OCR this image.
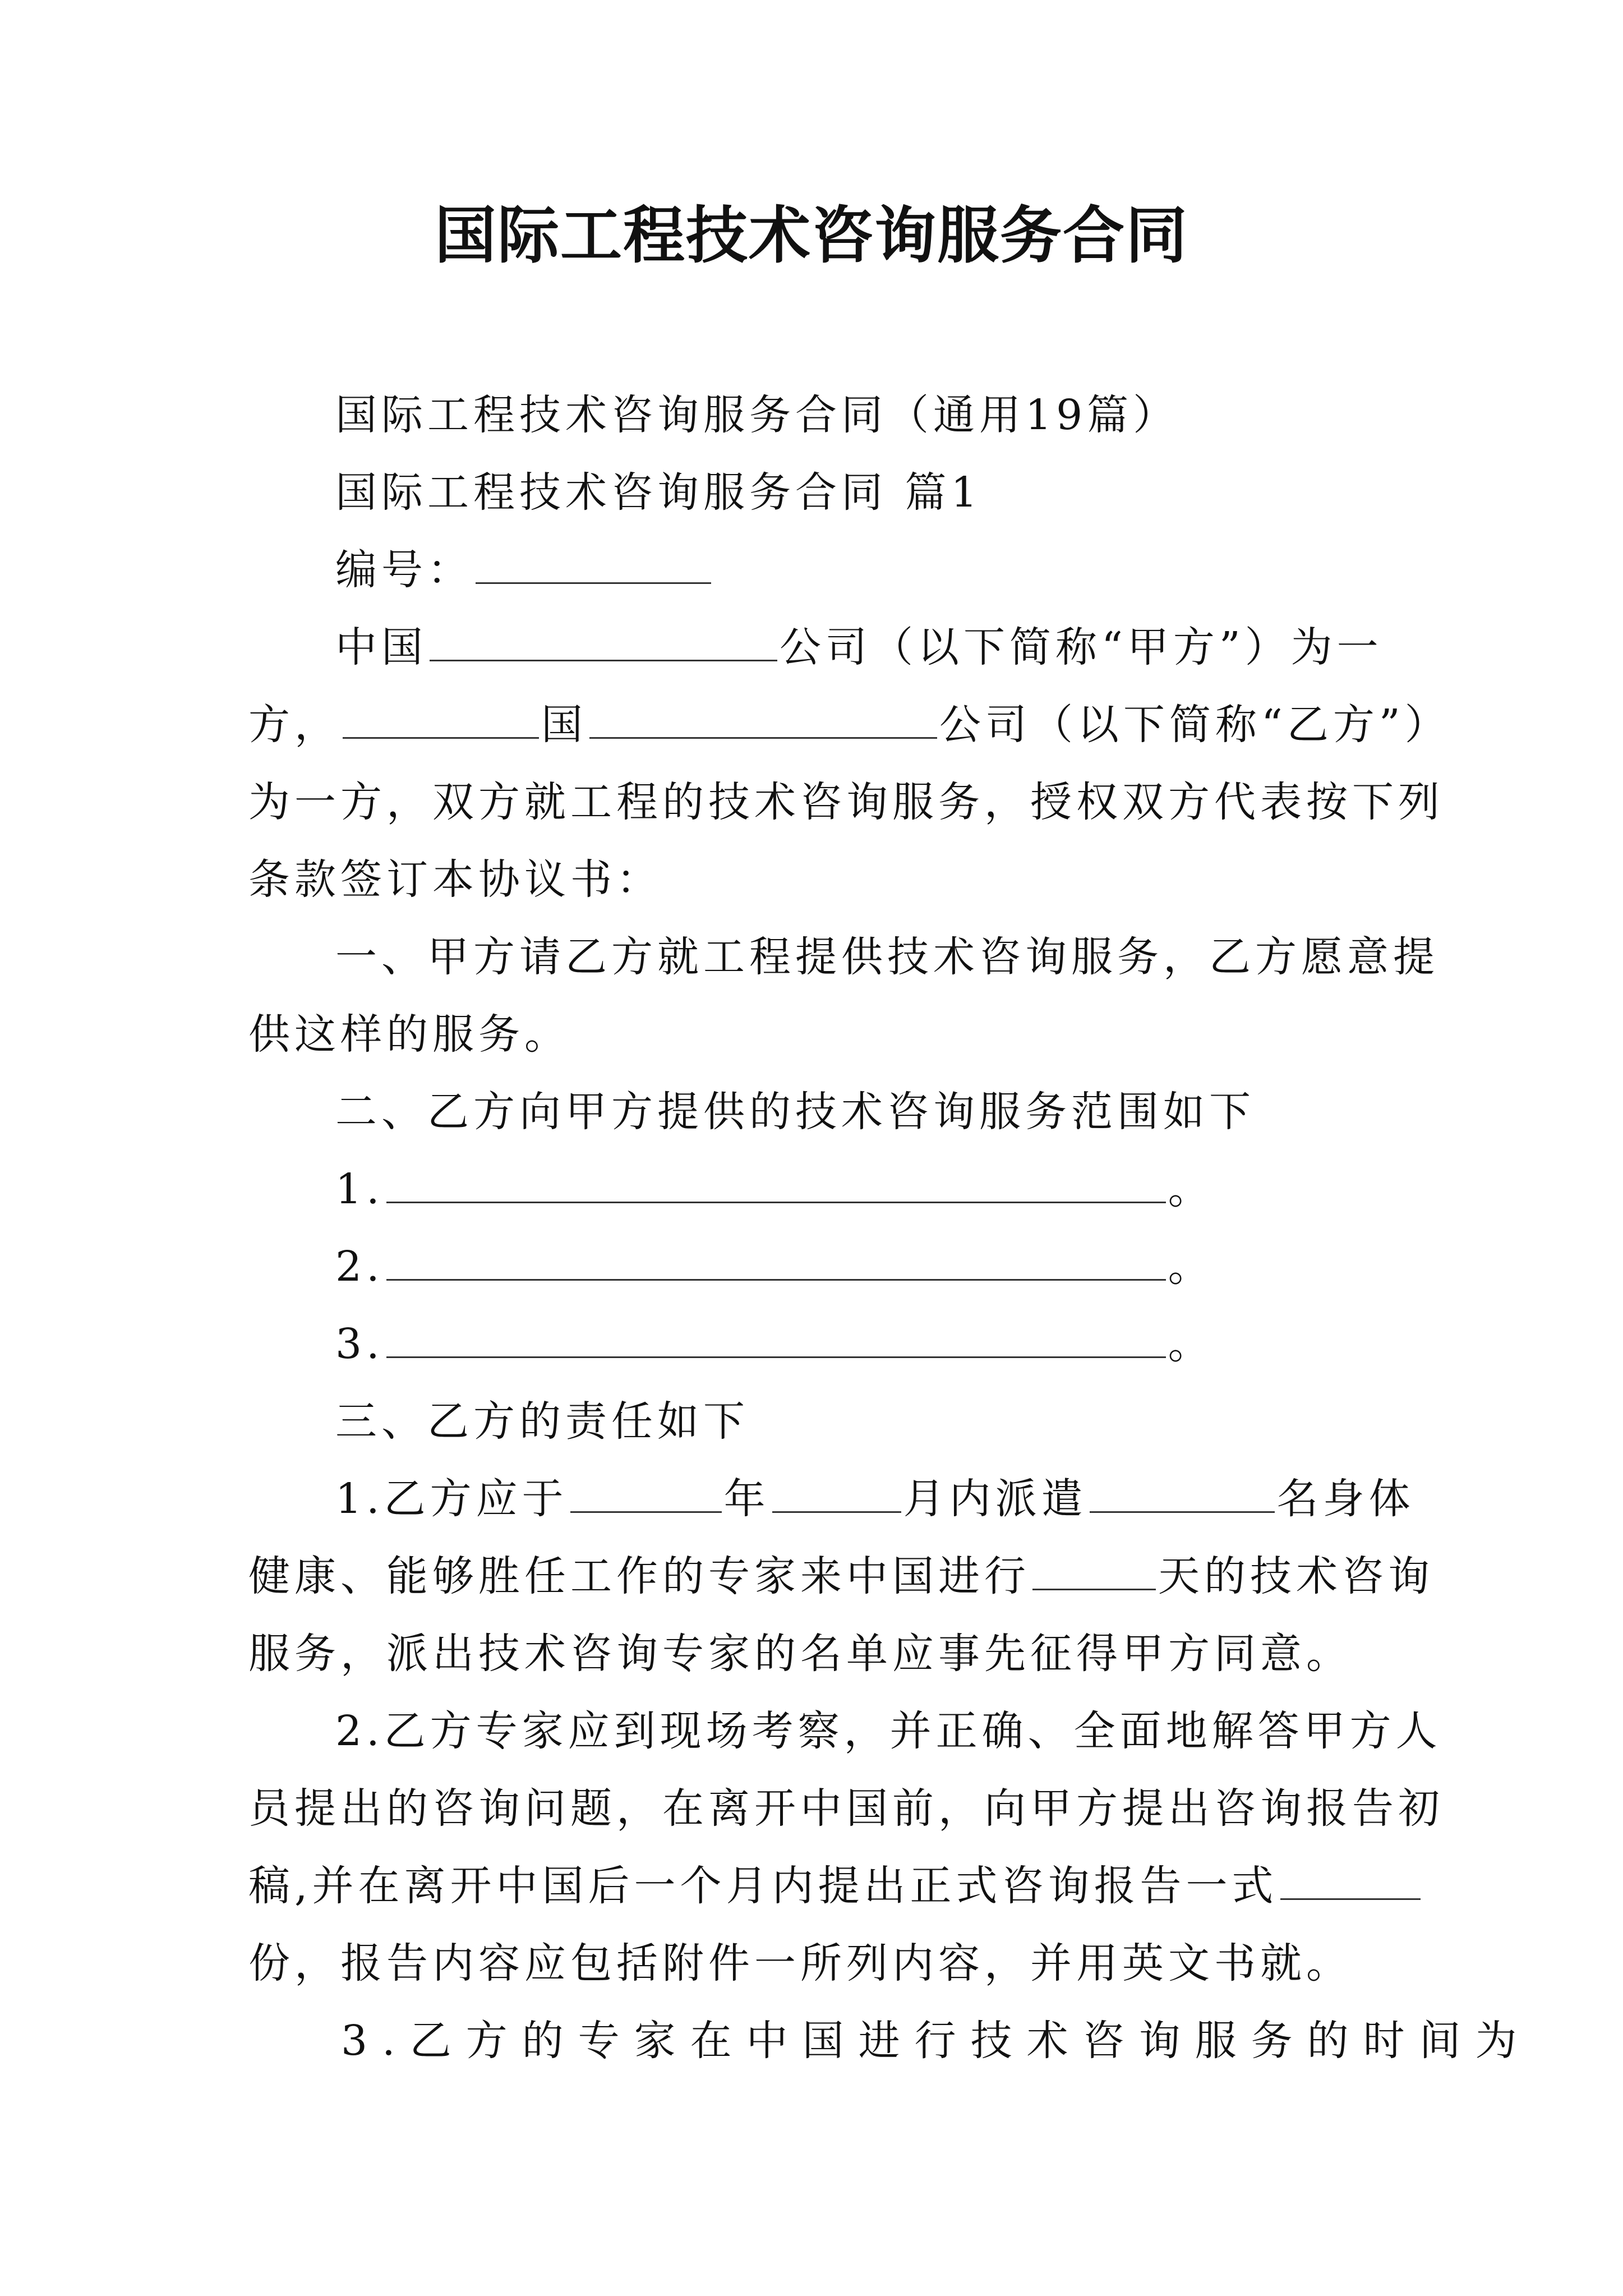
国际工程技术咨询服务合同
国际工程技术咨询服务合同（通用19篇）
国际工程技术咨询服务合同 篇1
编号：
中国	公司（以下简称“甲方”）为一
方，	国	公司（以下简称“乙方”）
为一方，双方就工程的技术咨询服务，授权双方代表按下列
条款签订本协议书：
一、甲方请乙方就工程提供技术咨询服务，乙方愿意提
供这样的服务。
二、乙方向甲方提供的技术咨询服务范围如下
1.	。
2.	。
3.	。
三、乙方的责任如下
1.乙方应于	年	月内派遣	名身体
健康、能够胜任工作的专家来中国进行	天的技术咨询
服务，派出技术咨询专家的名单应事先征得甲方同意。
2.乙方专家应到现场考察，并正确、全面地解答甲方人
员提出的咨询问题，在离开中国前，向甲方提出咨询报告初
稿,并在离开中国后一个月内提出正式咨询报告一式
份，报告内容应包括附件一所列内容，并用英文书就。
3.乙方的专家在中国进行技术咨询服务的时间为
